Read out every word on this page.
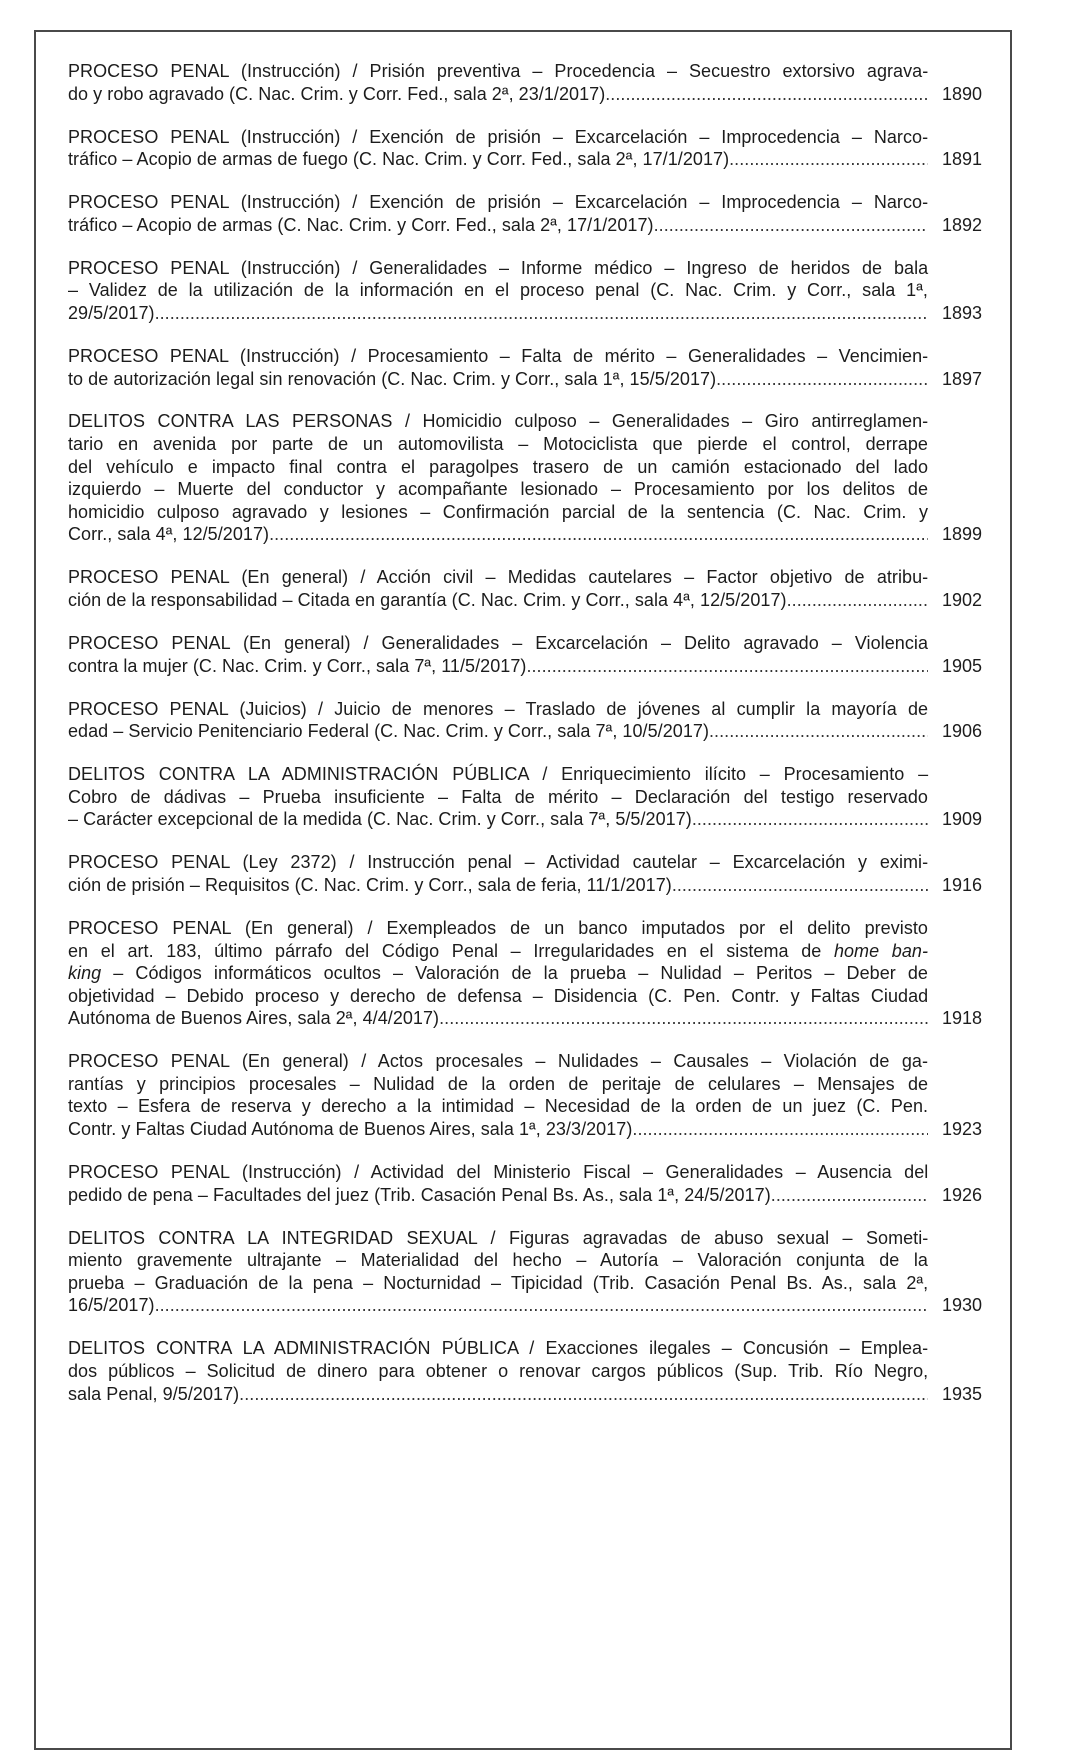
PROCESO PENAL (Instrucción) / Prisión preventiva – Procedencia – Secuestro extorsivo agrava-
do y robo agravado (C. Nac. Crim. y Corr. Fed., sala 2ª, 23/1/2017) .....	1890
PROCESO PENAL (Instrucción) / Exención de prisión – Excarcelación – Improcedencia – Narco-
tráfico – Acopio de armas de fuego (C. Nac. Crim. y Corr. Fed., sala 2ª, 17/1/2017) .....	1891
PROCESO PENAL (Instrucción) / Exención de prisión – Excarcelación – Improcedencia – Narco-
tráfico – Acopio de armas (C. Nac. Crim. y Corr. Fed., sala 2ª, 17/1/2017) .....	1892
PROCESO PENAL (Instrucción) / Generalidades – Informe médico – Ingreso de heridos de bala
– Validez de la utilización de la información en el proceso penal (C. Nac. Crim. y Corr., sala 1ª,
29/5/2017) .....	1893
PROCESO PENAL (Instrucción) / Procesamiento – Falta de mérito – Generalidades – Vencimien-
to de autorización legal sin renovación (C. Nac. Crim. y Corr., sala 1ª, 15/5/2017) .....	1897
DELITOS CONTRA LAS PERSONAS / Homicidio culposo – Generalidades – Giro antirreglamen-
tario en avenida por parte de un automovilista – Motociclista que pierde el control, derrape
del vehículo e impacto final contra el paragolpes trasero de un camión estacionado del lado
izquierdo – Muerte del conductor y acompañante lesionado – Procesamiento por los delitos de
homicidio culposo agravado y lesiones – Confirmación parcial de la sentencia (C. Nac. Crim. y
Corr., sala 4ª, 12/5/2017) .....	1899
PROCESO PENAL (En general) / Acción civil – Medidas cautelares – Factor objetivo de atribu-
ción de la responsabilidad – Citada en garantía (C. Nac. Crim. y Corr., sala 4ª, 12/5/2017) .....	1902
PROCESO PENAL (En general) / Generalidades – Excarcelación – Delito agravado – Violencia
contra la mujer (C. Nac. Crim. y Corr., sala 7ª, 11/5/2017) .....	1905
PROCESO PENAL (Juicios) / Juicio de menores – Traslado de jóvenes al cumplir la mayoría de
edad – Servicio Penitenciario Federal (C. Nac. Crim. y Corr., sala 7ª, 10/5/2017) .....	1906
DELITOS CONTRA LA ADMINISTRACIÓN PÚBLICA / Enriquecimiento ilícito – Procesamiento –
Cobro de dádivas – Prueba insuficiente – Falta de mérito – Declaración del testigo reservado
– Carácter excepcional de la medida (C. Nac. Crim. y Corr., sala 7ª, 5/5/2017) .....	1909
PROCESO PENAL (Ley 2372) / Instrucción penal – Actividad cautelar – Excarcelación y eximi-
ción de prisión – Requisitos (C. Nac. Crim. y Corr., sala de feria, 11/1/2017) .....	1916
PROCESO PENAL (En general) / Exempleados de un banco imputados por el delito previsto
en el art. 183, último párrafo del Código Penal – Irregularidades en el sistema de home ban-
king – Códigos informáticos ocultos – Valoración de la prueba – Nulidad – Peritos – Deber de
objetividad – Debido proceso y derecho de defensa – Disidencia (C. Pen. Contr. y Faltas Ciudad
Autónoma de Buenos Aires, sala 2ª, 4/4/2017) .....	1918
PROCESO PENAL (En general) / Actos procesales – Nulidades – Causales – Violación de ga-
rantías y principios procesales – Nulidad de la orden de peritaje de celulares – Mensajes de
texto – Esfera de reserva y derecho a la intimidad – Necesidad de la orden de un juez (C. Pen.
Contr. y Faltas Ciudad Autónoma de Buenos Aires, sala 1ª, 23/3/2017) .....	1923
PROCESO PENAL (Instrucción) / Actividad del Ministerio Fiscal – Generalidades – Ausencia del
pedido de pena – Facultades del juez (Trib. Casación Penal Bs. As., sala 1ª, 24/5/2017) .....	1926
DELITOS CONTRA LA INTEGRIDAD SEXUAL / Figuras agravadas de abuso sexual – Someti-
miento gravemente ultrajante – Materialidad del hecho – Autoría – Valoración conjunta de la
prueba – Graduación de la pena – Nocturnidad – Tipicidad (Trib. Casación Penal Bs. As., sala 2ª,
16/5/2017) .....	1930
DELITOS CONTRA LA ADMINISTRACIÓN PÚBLICA / Exacciones ilegales – Concusión – Emplea-
dos públicos – Solicitud de dinero para obtener o renovar cargos públicos (Sup. Trib. Río Negro,
sala Penal, 9/5/2017) .....	1935
